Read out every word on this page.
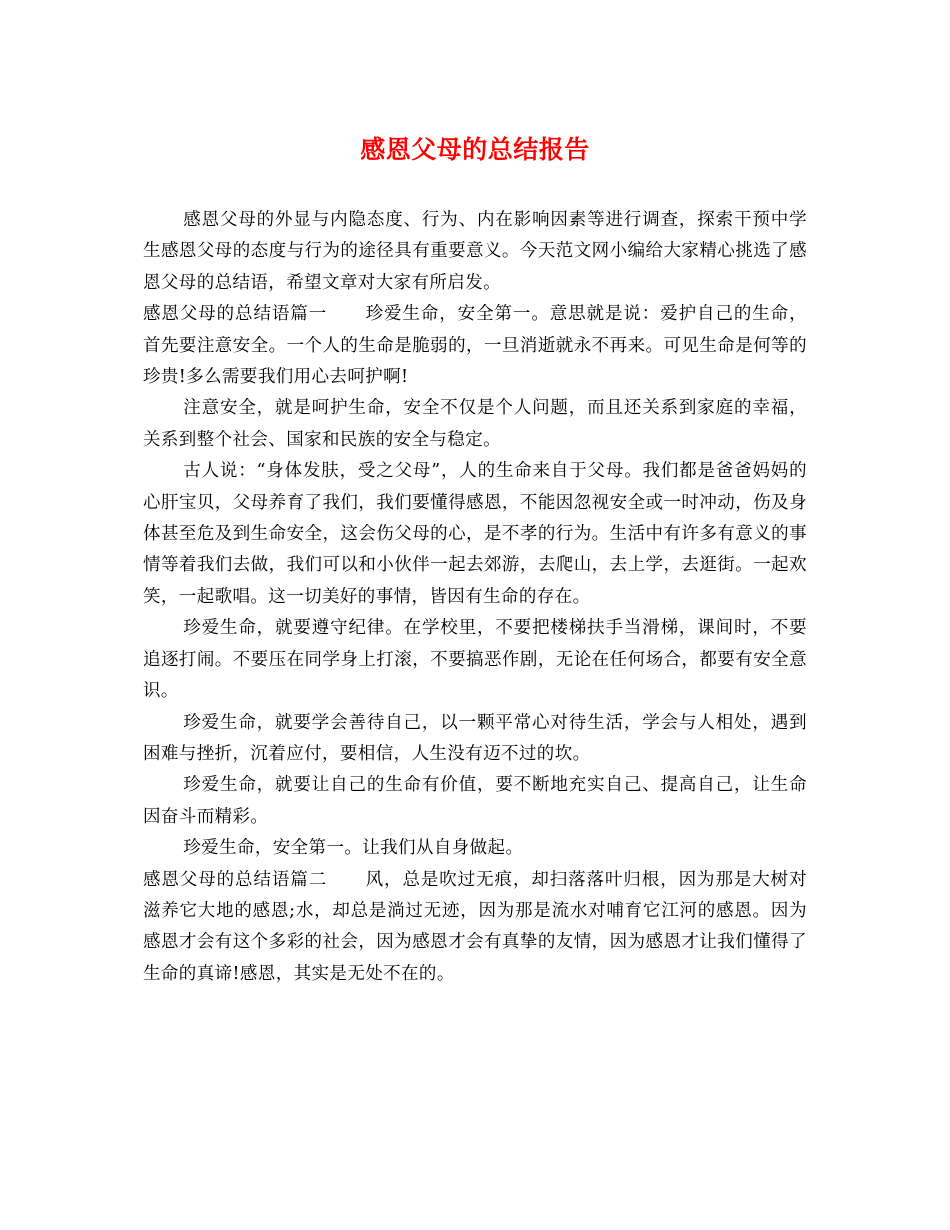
感恩父母的总结报告

感恩父母的外显与内隐态度、行为、内在影响因素等进行调查，探索干预中学生感恩父母的态度与行为的途径具有重要意义。今天范文网小编给大家精心挑选了感恩父母的总结语，希望文章对大家有所启发。

感恩父母的总结语篇一 珍爱生命，安全第一。意思就是说：爱护自己的生命，首先要注意安全。一个人的生命是脆弱的，一旦消逝就永不再来。可见生命是何等的珍贵!多么需要我们用心去呵护啊!

注意安全，就是呵护生命，安全不仅是个人问题，而且还关系到家庭的幸福，关系到整个社会、国家和民族的安全与稳定。

古人说：“身体发肤，受之父母”，人的生命来自于父母。我们都是爸爸妈妈的心肝宝贝，父母养育了我们，我们要懂得感恩，不能因忽视安全或一时冲动，伤及身体甚至危及到生命安全，这会伤父母的心，是不孝的行为。生活中有许多有意义的事情等着我们去做，我们可以和小伙伴一起去郊游，去爬山，去上学，去逛街。一起欢笑，一起歌唱。这一切美好的事情，皆因有生命的存在。

珍爱生命，就要遵守纪律。在学校里，不要把楼梯扶手当滑梯，课间时，不要追逐打闹。不要压在同学身上打滚，不要搞恶作剧，无论在任何场合，都要有安全意识。

珍爱生命，就要学会善待自己，以一颗平常心对待生活，学会与人相处，遇到困难与挫折，沉着应付，要相信，人生没有迈不过的坎。

珍爱生命，就要让自己的生命有价值，要不断地充实自己、提高自己，让生命因奋斗而精彩。

珍爱生命，安全第一。让我们从自身做起。

感恩父母的总结语篇二 风，总是吹过无痕，却扫落落叶归根，因为那是大树对滋养它大地的感恩;水，却总是淌过无迹，因为那是流水对哺育它江河的感恩。因为感恩才会有这个多彩的社会，因为感恩才会有真挚的友情，因为感恩才让我们懂得了生命的真谛!感恩，其实是无处不在的。
